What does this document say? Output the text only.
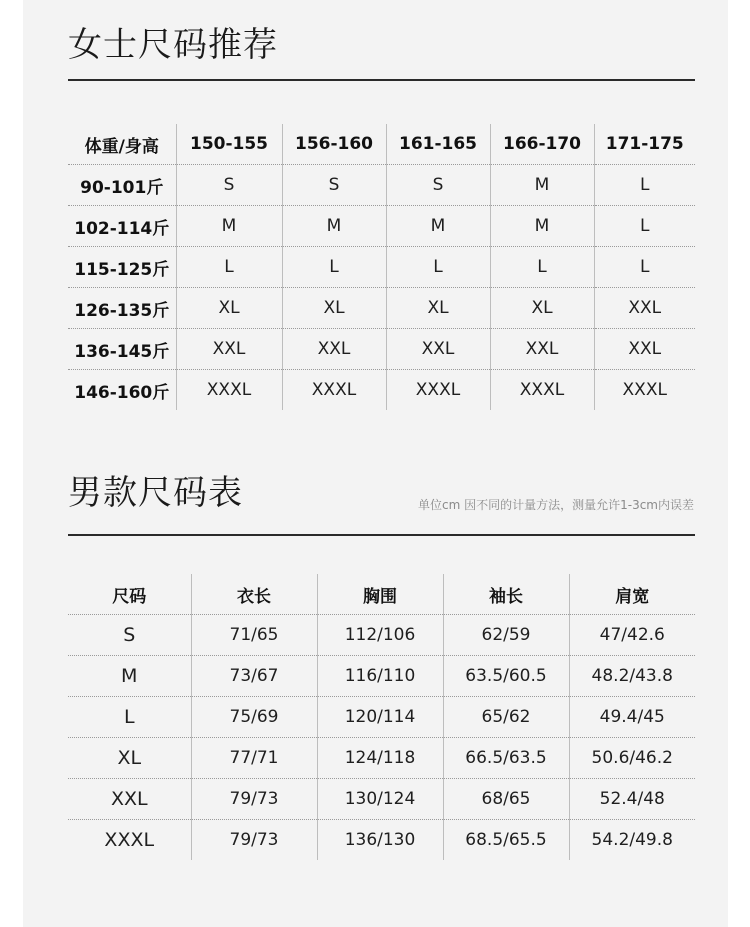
女士尺码推荐
体重/身高	150-155	156-160	161-165	166-170	171-175
90-101斤	S	S	S	M	L
102-114斤	M	M	M	M	L
115-125斤	L	L	L	L	L
126-135斤	XL	XL	XL	XL	XXL
136-145斤	XXL	XXL	XXL	XXL	XXL
146-160斤	XXXL	XXXL	XXXL	XXXL	XXXL
男款尺码表	单位cm 因不同的计量方法，测量允许1-3cm内误差
尺码	衣长	胸围	袖长	肩宽
S	71/65	112/106	62/59	47/42.6
M	73/67	116/110	63.5/60.5	48.2/43.8
L	75/69	120/114	65/62	49.4/45
XL	77/71	124/118	66.5/63.5	50.6/46.2
XXL	79/73	130/124	68/65	52.4/48
XXXL	79/73	136/130	68.5/65.5	54.2/49.8
